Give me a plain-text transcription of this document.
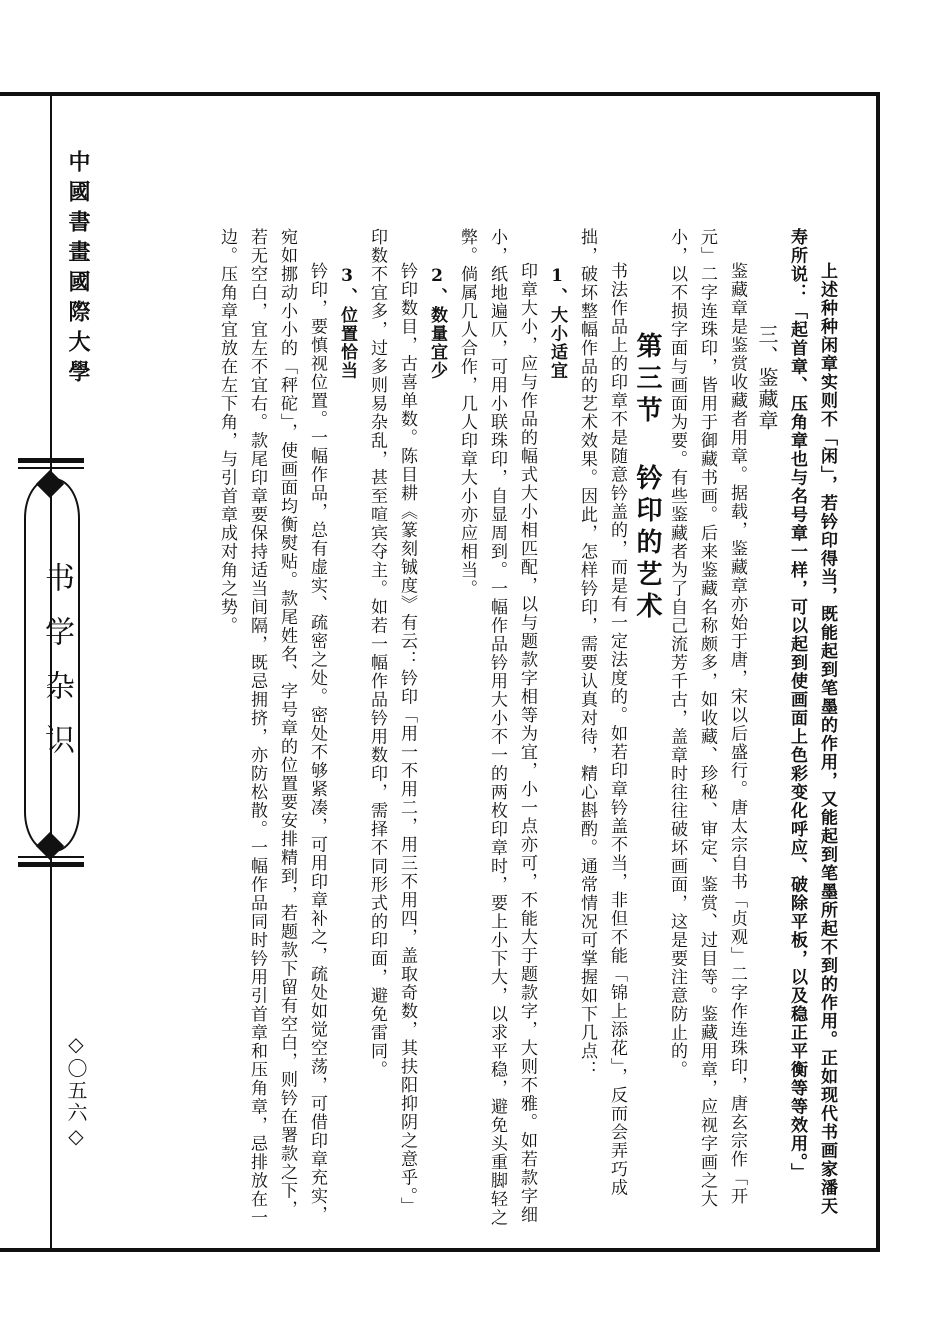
中國書畫國際大學
书学杂识
◇〇五六◇	上述种种闲章实则不「闲」，若钤印得当，既能起到笔墨的作用，又能起到笔墨所起不到的作用。正如现代书画家潘天寿所说：「起首章、压角章也与名号章一样，可以起到使画面上色彩变化呼应、破除平板，以及稳正平衡等等效用。」

三、鉴藏章

鉴藏章是鉴赏收藏者用章。据载，鉴藏章亦始于唐，宋以后盛行。唐太宗自书「贞观」二字作连珠印，唐玄宗作「开元」二字连珠印，皆用于御藏书画。后来鉴藏名称颇多，如收藏、珍秘、审定、鉴赏、过目等。鉴藏用章，应视字画之大小，以不损字面与画面为要。有些鉴藏者为了自己流芳千古，盖章时往往破坏画面，这是要注意防止的。

第三节 钤印的艺术

书法作品上的印章不是随意钤盖的，而是有一定法度的。如若印章钤盖不当，非但不能「锦上添花」，反而会弄巧成拙，破坏整幅作品的艺术效果。因此，怎样钤印，需要认真对待，精心斟酌。通常情况可掌握如下几点：

1、大小适宜

印章大小，应与作品的幅式大小相匹配，以与题款字相等为宜，小一点亦可，不能大于题款字，大则不雅。如若款字细小，纸地遍仄，可用小联珠印，自显周到。一幅作品钤用大小不一的两枚印章时，要上小下大，以求平稳，避免头重脚轻之弊。倘属几人合作，几人印章大小亦应相当。

2、数量宜少

钤印数目，古喜单数。陈目耕《篆刻铖度》有云：钤印「用一不用二，用三不用四，盖取奇数，其扶阳抑阴之意乎。」印数不宜多，过多则易杂乱，甚至喧宾夺主。如若一幅作品钤用数印，需择不同形式的印面，避免雷同。

3、位置恰当

钤印，要慎视位置。一幅作品，总有虚实、疏密之处。密处不够紧凑，可用印章补之，疏处如觉空荡，可借印章充实，宛如挪动小小的「秤砣」，使画面均衡熨贴。款尾姓名、字号章的位置要安排精到，若题款下留有空白，则钤在署款之下，若无空白，宜左不宜右。款尾印章要保持适当间隔，既忌拥挤，亦防松散。一幅作品同时钤用引首章和压角章，忌排放在一边。压角章宜放在左下角，与引首章成对角之势。
